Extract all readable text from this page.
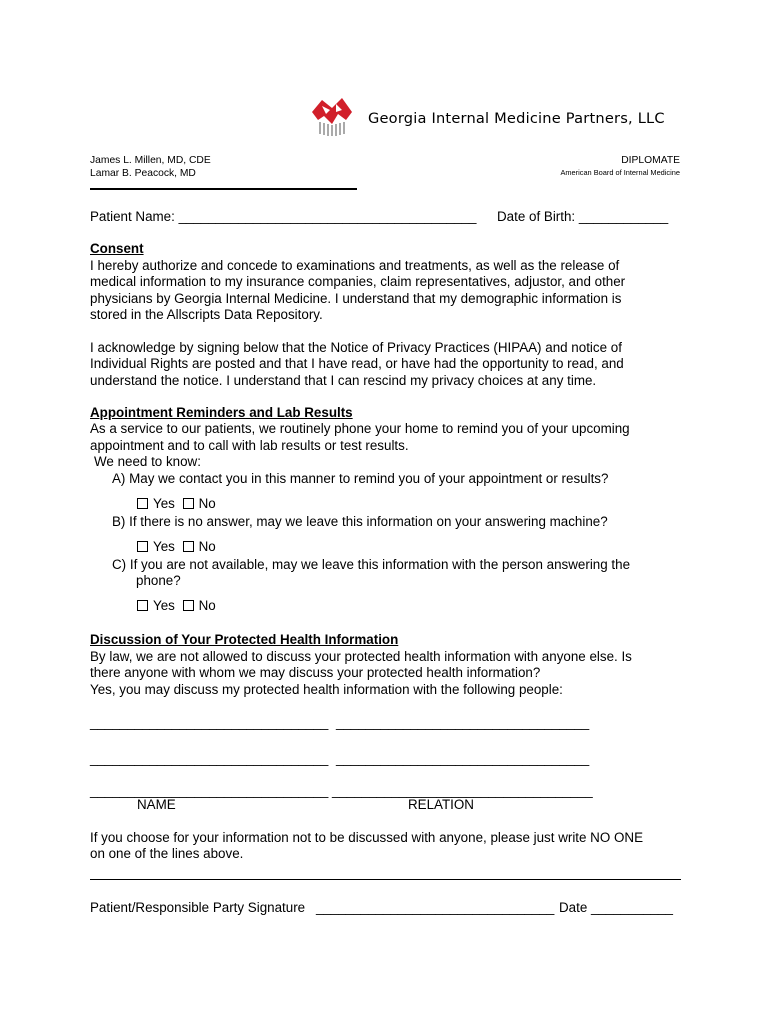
Georgia Internal Medicine Partners, LLC
James L. Millen, MD, CDE
Lamar B. Peacock, MD
DIPLOMATE
American Board of Internal Medicine
Patient Name: ________________________________________ Date of Birth: ____________
Consent
I hereby authorize and concede to examinations and treatments, as well as the release of
medical information to my insurance companies, claim representatives, adjustor, and other
physicians by Georgia Internal Medicine. I understand that my demographic information is
stored in the Allscripts Data Repository.
I acknowledge by signing below that the Notice of Privacy Practices (HIPAA) and notice of
Individual Rights are posted and that I have read, or have had the opportunity to read, and
understand the notice. I understand that I can rescind my privacy choices at any time.
Appointment Reminders and Lab Results
As a service to our patients, we routinely phone your home to remind you of your upcoming
appointment and to call with lab results or test results.
We need to know:
A) May we contact you in this manner to remind you of your appointment or results?
Yes No
B) If there is no answer, may we leave this information on your answering machine?
Yes No
C) If you are not available, may we leave this information with the person answering the
phone?
Yes No
Discussion of Your Protected Health Information
By law, we are not allowed to discuss your protected health information with anyone else. Is
there anyone with whom we may discuss your protected health information?
Yes, you may discuss my protected health information with the following people:
________________________________ __________________________________
________________________________ __________________________________
________________________________ ___________________________________
NAME	RELATION
If you choose for your information not to be discussed with anyone, please just write NO ONE
on one of the lines above.
Patient/Responsible Party Signature ________________________________ Date ___________
